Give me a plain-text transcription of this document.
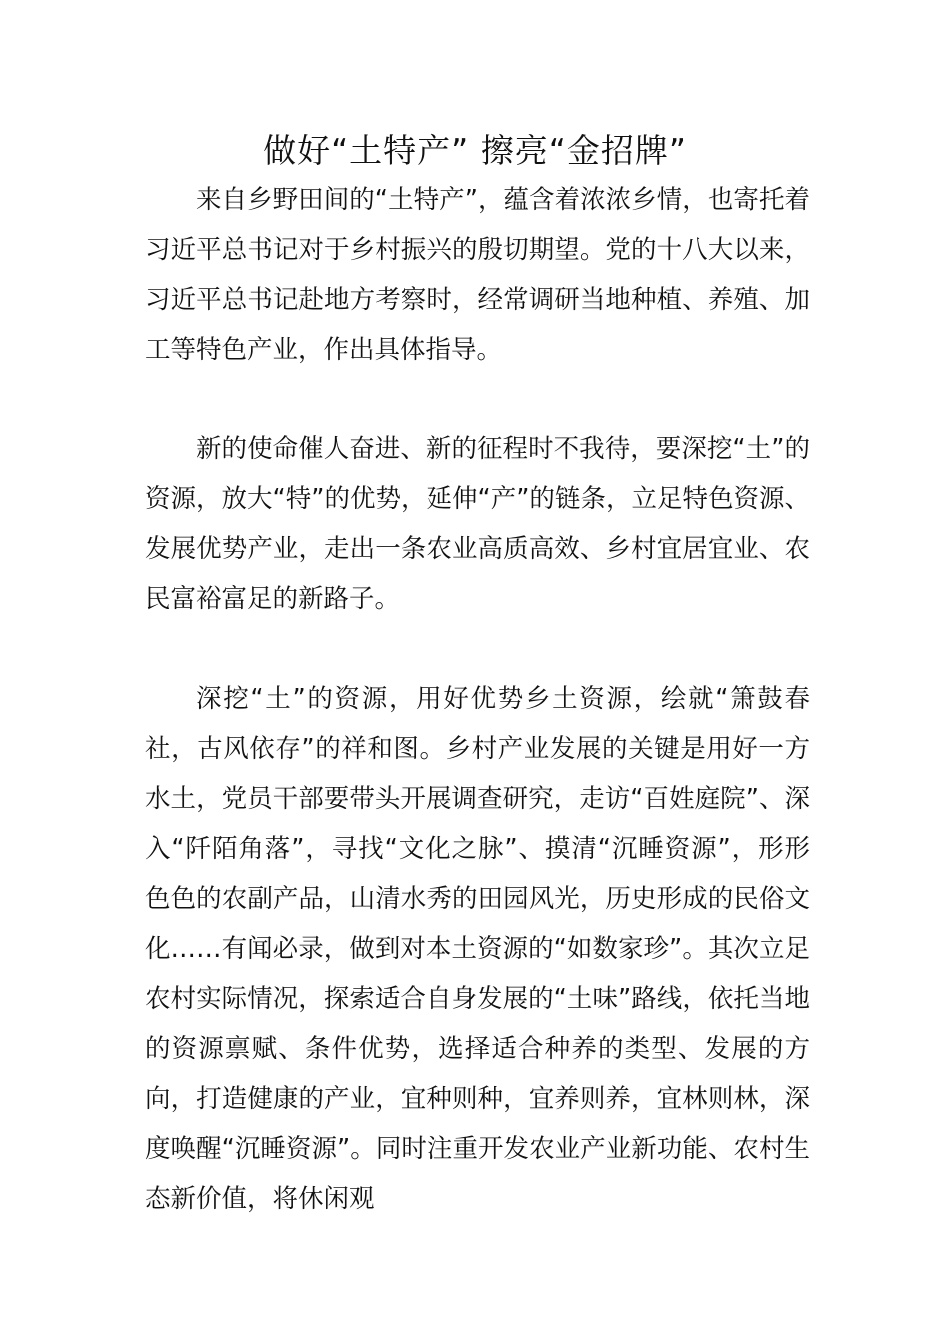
做好“土特产” 擦亮“金招牌”

来自乡野田间的“土特产”，蕴含着浓浓乡情，也寄托着习近平总书记对于乡村振兴的殷切期望。党的十八大以来，习近平总书记赴地方考察时，经常调研当地种植、养殖、加工等特色产业，作出具体指导。

新的使命催人奋进、新的征程时不我待，要深挖“土”的资源，放大“特”的优势，延伸“产”的链条，立足特色资源、发展优势产业，走出一条农业高质高效、乡村宜居宜业、农民富裕富足的新路子。

深挖“土”的资源，用好优势乡土资源，绘就“箫鼓春社，古风依存”的祥和图。乡村产业发展的关键是用好一方水土，党员干部要带头开展调查研究，走访“百姓庭院”、深入“阡陌角落”，寻找“文化之脉”、摸清“沉睡资源”，形形色色的农副产品，山清水秀的田园风光，历史形成的民俗文化……有闻必录，做到对本土资源的“如数家珍”。其次立足农村实际情况，探索适合自身发展的“土味”路线，依托当地的资源禀赋、条件优势，选择适合种养的类型、发展的方向，打造健康的产业，宜种则种，宜养则养，宜林则林，深度唤醒“沉睡资源”。同时注重开发农业产业新功能、农村生态新价值，将休闲观
